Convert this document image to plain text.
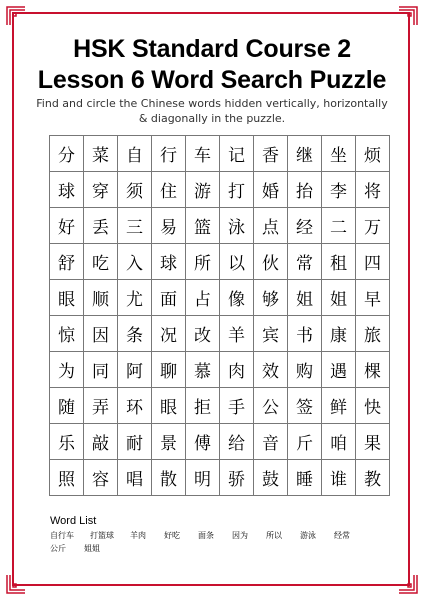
HSK Standard Course 2
Lesson 6 Word Search Puzzle
Find and circle the Chinese words hidden vertically, horizontally & diagonally in the puzzle.
分	菜	自	行	车	记	香	继	坐	烦
球	穿	须	住	游	打	婚	抬	李	将
好	丢	三	易	篮	泳	点	经	二	万
舒	吃	入	球	所	以	伙	常	租	四
眼	顺	尤	面	占	像	够	姐	姐	早
惊	因	条	况	改	羊	宾	书	康	旅
为	同	阿	聊	慕	肉	效	购	遇	棵
随	弄	环	眼	拒	手	公	签	鲜	快
乐	敲	耐	景	傅	给	音	斤	咱	果
照	容	唱	散	明	骄	鼓	睡	谁	教
Word List
自行车	打篮球	羊肉	好吃	面条	因为	所以	游泳	经常
公斤	姐姐
